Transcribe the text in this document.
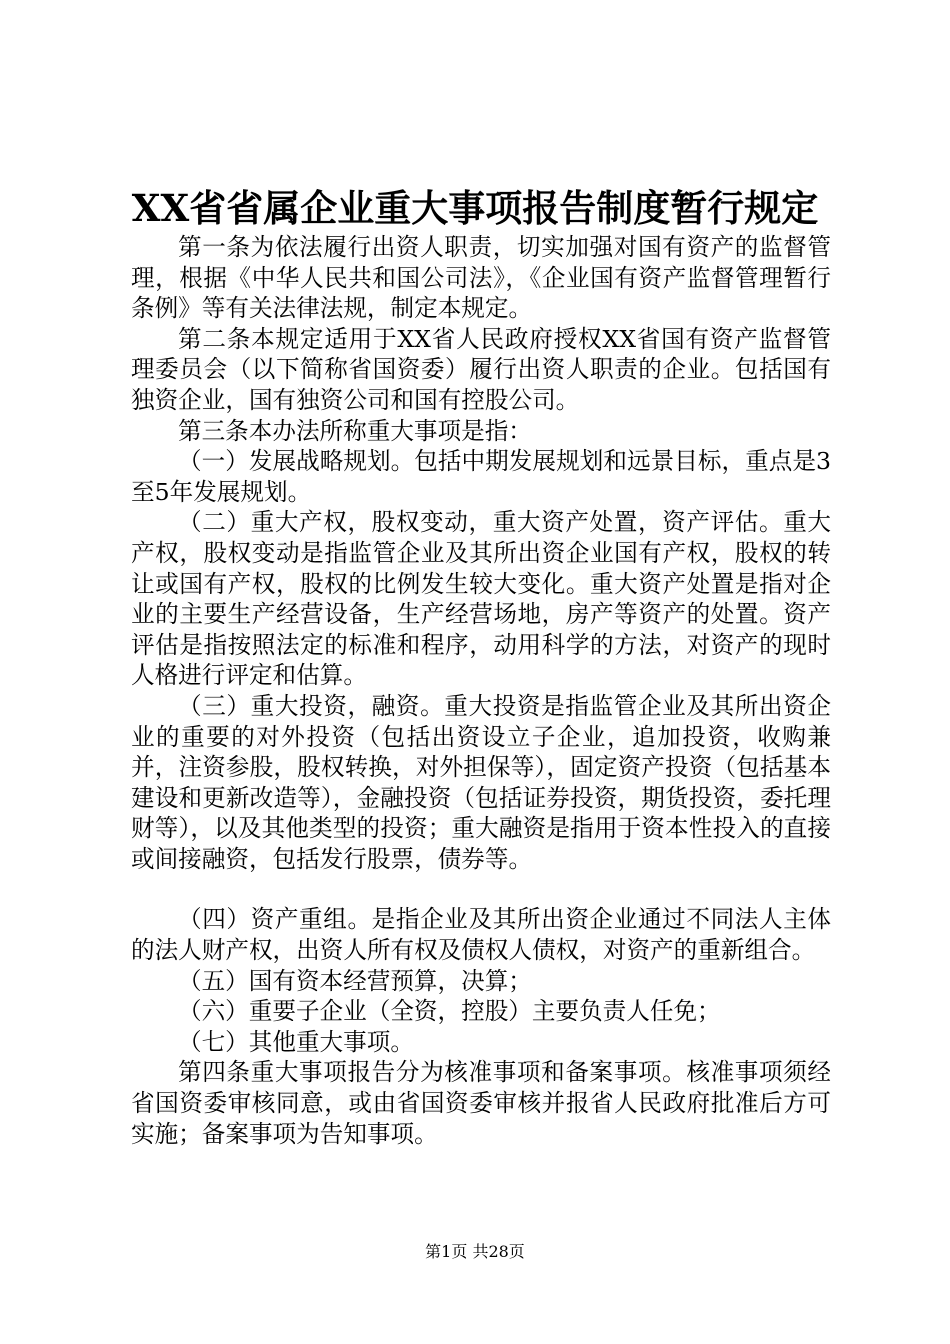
XX省省属企业重大事项报告制度暂行规定

第一条为依法履行出资人职责，切实加强对国有资产的监督管理，根据《中华人民共和国公司法》，《企业国有资产监督管理暂行条例》等有关法律法规，制定本规定。

第二条本规定适用于XX省人民政府授权XX省国有资产监督管理委员会（以下简称省国资委）履行出资人职责的企业。包括国有独资企业，国有独资公司和国有控股公司。

第三条本办法所称重大事项是指：

（一）发展战略规划。包括中期发展规划和远景目标，重点是3至5年发展规划。

（二）重大产权，股权变动，重大资产处置，资产评估。重大产权，股权变动是指监管企业及其所出资企业国有产权，股权的转让或国有产权，股权的比例发生较大变化。重大资产处置是指对企业的主要生产经营设备，生产经营场地，房产等资产的处置。资产评估是指按照法定的标准和程序，动用科学的方法，对资产的现时人格进行评定和估算。

（三）重大投资，融资。重大投资是指监管企业及其所出资企业的重要的对外投资（包括出资设立子企业，追加投资，收购兼并，注资参股，股权转换，对外担保等），固定资产投资（包括基本建设和更新改造等），金融投资（包括证券投资，期货投资，委托理财等），以及其他类型的投资；重大融资是指用于资本性投入的直接或间接融资，包括发行股票，债券等。

（四）资产重组。是指企业及其所出资企业通过不同法人主体的法人财产权，出资人所有权及债权人债权，对资产的重新组合。

（五）国有资本经营预算，决算；

（六）重要子企业（全资，控股）主要负责人任免；

（七）其他重大事项。

第四条重大事项报告分为核准事项和备案事项。核准事项须经省国资委审核同意，或由省国资委审核并报省人民政府批准后方可实施；备案事项为告知事项。

第1页 共28页
